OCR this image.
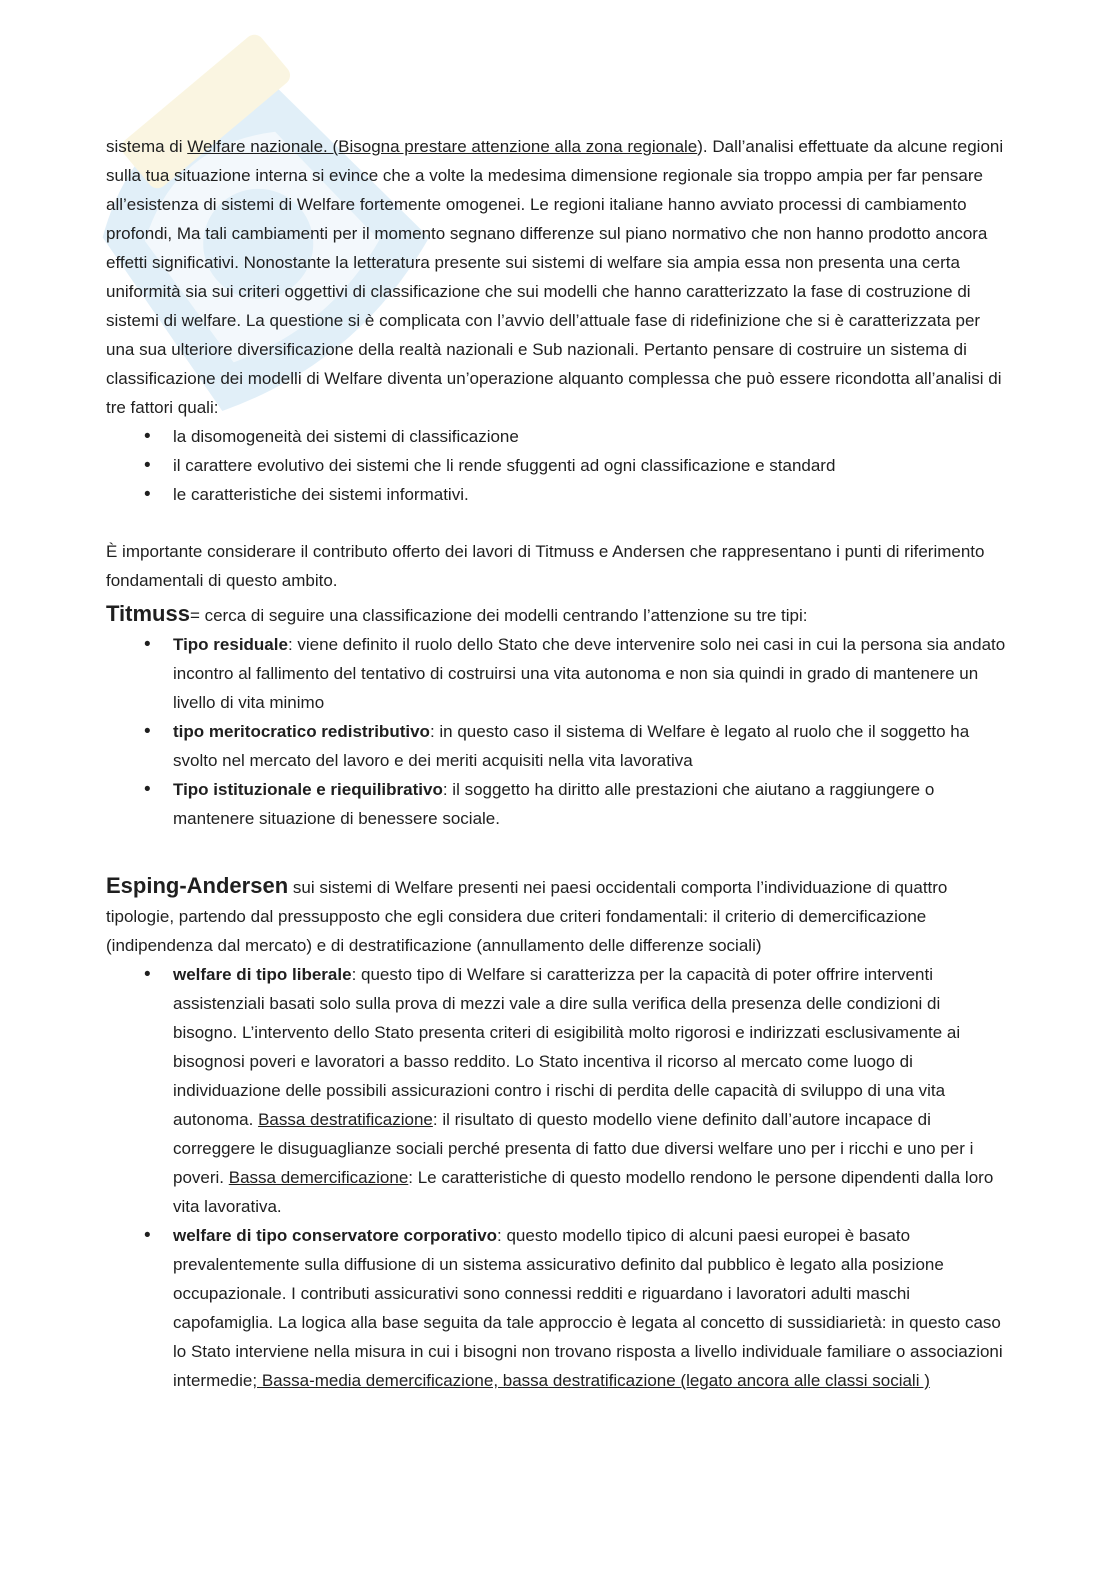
sistema di Welfare nazionale. (Bisogna prestare attenzione alla zona regionale). Dall’analisi effettuate da alcune regioni sulla tua situazione interna si evince che a volte la medesima dimensione regionale sia troppo ampia per far pensare all’esistenza di sistemi di Welfare fortemente omogenei. Le regioni italiane hanno avviato processi di cambiamento profondi, Ma tali cambiamenti per il momento segnano differenze sul piano normativo che non hanno prodotto ancora effetti significativi. Nonostante la letteratura presente sui sistemi di welfare sia ampia essa non presenta una certa uniformità sia sui criteri oggettivi di classificazione che sui modelli che hanno caratterizzato la fase di costruzione di sistemi di welfare. La questione si è complicata con l’avvio dell’attuale fase di ridefinizione che si è caratterizzata per una sua ulteriore diversificazione della realtà nazionali e Sub nazionali. Pertanto pensare di costruire un sistema di classificazione dei modelli di Welfare diventa un’operazione alquanto complessa che può essere ricondotta all’analisi di tre fattori quali:

• la disomogeneità dei sistemi di classificazione
• il carattere evolutivo dei sistemi che li rende sfuggenti ad ogni classificazione e standard
• le caratteristiche dei sistemi informativi.

È importante considerare il contributo offerto dei lavori di Titmuss e Andersen che rappresentano i punti di riferimento fondamentali di questo ambito.

Titmuss= cerca di seguire una classificazione dei modelli centrando l’attenzione su tre tipi:

• Tipo residuale: viene definito il ruolo dello Stato che deve intervenire solo nei casi in cui la persona sia andato incontro al fallimento del tentativo di costruirsi una vita autonoma e non sia quindi in grado di mantenere un livello di vita minimo
• tipo meritocratico redistributivo: in questo caso il sistema di Welfare è legato al ruolo che il soggetto ha svolto nel mercato del lavoro e dei meriti acquisiti nella vita lavorativa
• Tipo istituzionale e riequilibrativo: il soggetto ha diritto alle prestazioni che aiutano a raggiungere o mantenere situazione di benessere sociale.

Esping-Andersen sui sistemi di Welfare presenti nei paesi occidentali comporta l’individuazione di quattro tipologie, partendo dal pressupposto che egli considera due criteri fondamentali: il criterio di demercificazione (indipendenza dal mercato) e di destratificazione (annullamento delle differenze sociali)

• welfare di tipo liberale: questo tipo di Welfare si caratterizza per la capacità di poter offrire interventi assistenziali basati solo sulla prova di mezzi vale a dire sulla verifica della presenza delle condizioni di bisogno. L’intervento dello Stato presenta criteri di esigibilità molto rigorosi e indirizzati esclusivamente ai bisognosi poveri e lavoratori a basso reddito. Lo Stato incentiva il ricorso al mercato come luogo di individuazione delle possibili assicurazioni contro i rischi di perdita delle capacità di sviluppo di una vita autonoma. Bassa destratificazione: il risultato di questo modello viene definito dall’autore incapace di correggere le disuguaglianze sociali perché presenta di fatto due diversi welfare uno per i ricchi e uno per i poveri. Bassa demercificazione: Le caratteristiche di questo modello rendono le persone dipendenti dalla loro vita lavorativa.
• welfare di tipo conservatore corporativo: questo modello tipico di alcuni paesi europei è basato prevalentemente sulla diffusione di un sistema assicurativo definito dal pubblico è legato alla posizione occupazionale. I contributi assicurativi sono connessi redditi e riguardano i lavoratori adulti maschi capofamiglia. La logica alla base seguita da tale approccio è legata al concetto di sussidiarietà: in questo caso lo Stato interviene nella misura in cui i bisogni non trovano risposta a livello individuale familiare o associazioni intermedie; Bassa-media demercificazione, bassa destratificazione (legato ancora alle classi sociali )
